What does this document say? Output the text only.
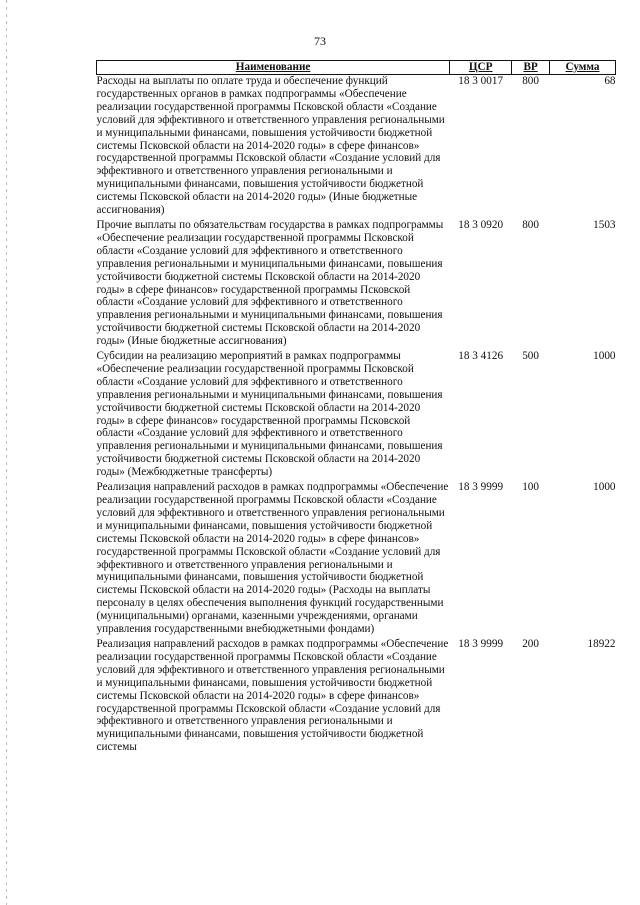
73
Наименование	ЦСР	ВР	Сумма
Расходы на выплаты по оплате труда и обеспечение функций государственных органов в рамках подпрограммы «Обеспечение реализации государственной программы Псковской области «Создание условий для эффективного и ответственного управления региональными и муниципальными финансами, повышения устойчивости бюджетной системы Псковской области на 2014-2020 годы» в сфере финансов» государственной программы Псковской области «Создание условий для эффективного и ответственного управления региональными и муниципальными финансами, повышения устойчивости бюджетной системы Псковской области на 2014-2020 годы» (Иные бюджетные ассигнования)	18 3 0017	800	68
Прочие выплаты по обязательствам государства в рамках подпрограммы «Обеспечение реализации государственной программы Псковской области «Создание условий для эффективного и ответственного управления региональными и муниципальными финансами, повышения устойчивости бюджетной системы Псковской области на 2014-2020 годы» в сфере финансов» государственной программы Псковской области «Создание условий для эффективного и ответственного управления региональными и муниципальными финансами, повышения устойчивости бюджетной системы Псковской области на 2014-2020 годы» (Иные бюджетные ассигнования)	18 3 0920	800	1503
Субсидии на реализацию мероприятий в рамках подпрограммы «Обеспечение реализации государственной программы Псковской области «Создание условий для эффективного и ответственного управления региональными и муниципальными финансами, повышения устойчивости бюджетной системы Псковской области на 2014-2020 годы» в сфере финансов» государственной программы Псковской области «Создание условий для эффективного и ответственного управления региональными и муниципальными финансами, повышения устойчивости бюджетной системы Псковской области на 2014-2020 годы» (Межбюджетные трансферты)	18 3 4126	500	1000
Реализация направлений расходов в рамках подпрограммы «Обеспечение реализации государственной программы Псковской области «Создание условий для эффективного и ответственного управления региональными и муниципальными финансами, повышения устойчивости бюджетной системы Псковской области на 2014-2020 годы» в сфере финансов» государственной программы Псковской области «Создание условий для эффективного и ответственного управления региональными и муниципальными финансами, повышения устойчивости бюджетной системы Псковской области на 2014-2020 годы» (Расходы на выплаты персоналу в целях обеспечения выполнения функций государственными (муниципальными) органами, казенными учреждениями, органами управления государственными внебюджетными фондами)	18 3 9999	100	1000
Реализация направлений расходов в рамках подпрограммы «Обеспечение реализации государственной программы Псковской области «Создание условий для эффективного и ответственного управления региональными и муниципальными финансами, повышения устойчивости бюджетной системы Псковской области на 2014-2020 годы» в сфере финансов» государственной программы Псковской области «Создание условий для эффективного и ответственного управления региональными и муниципальными финансами, повышения устойчивости бюджетной системы	18 3 9999	200	18922
